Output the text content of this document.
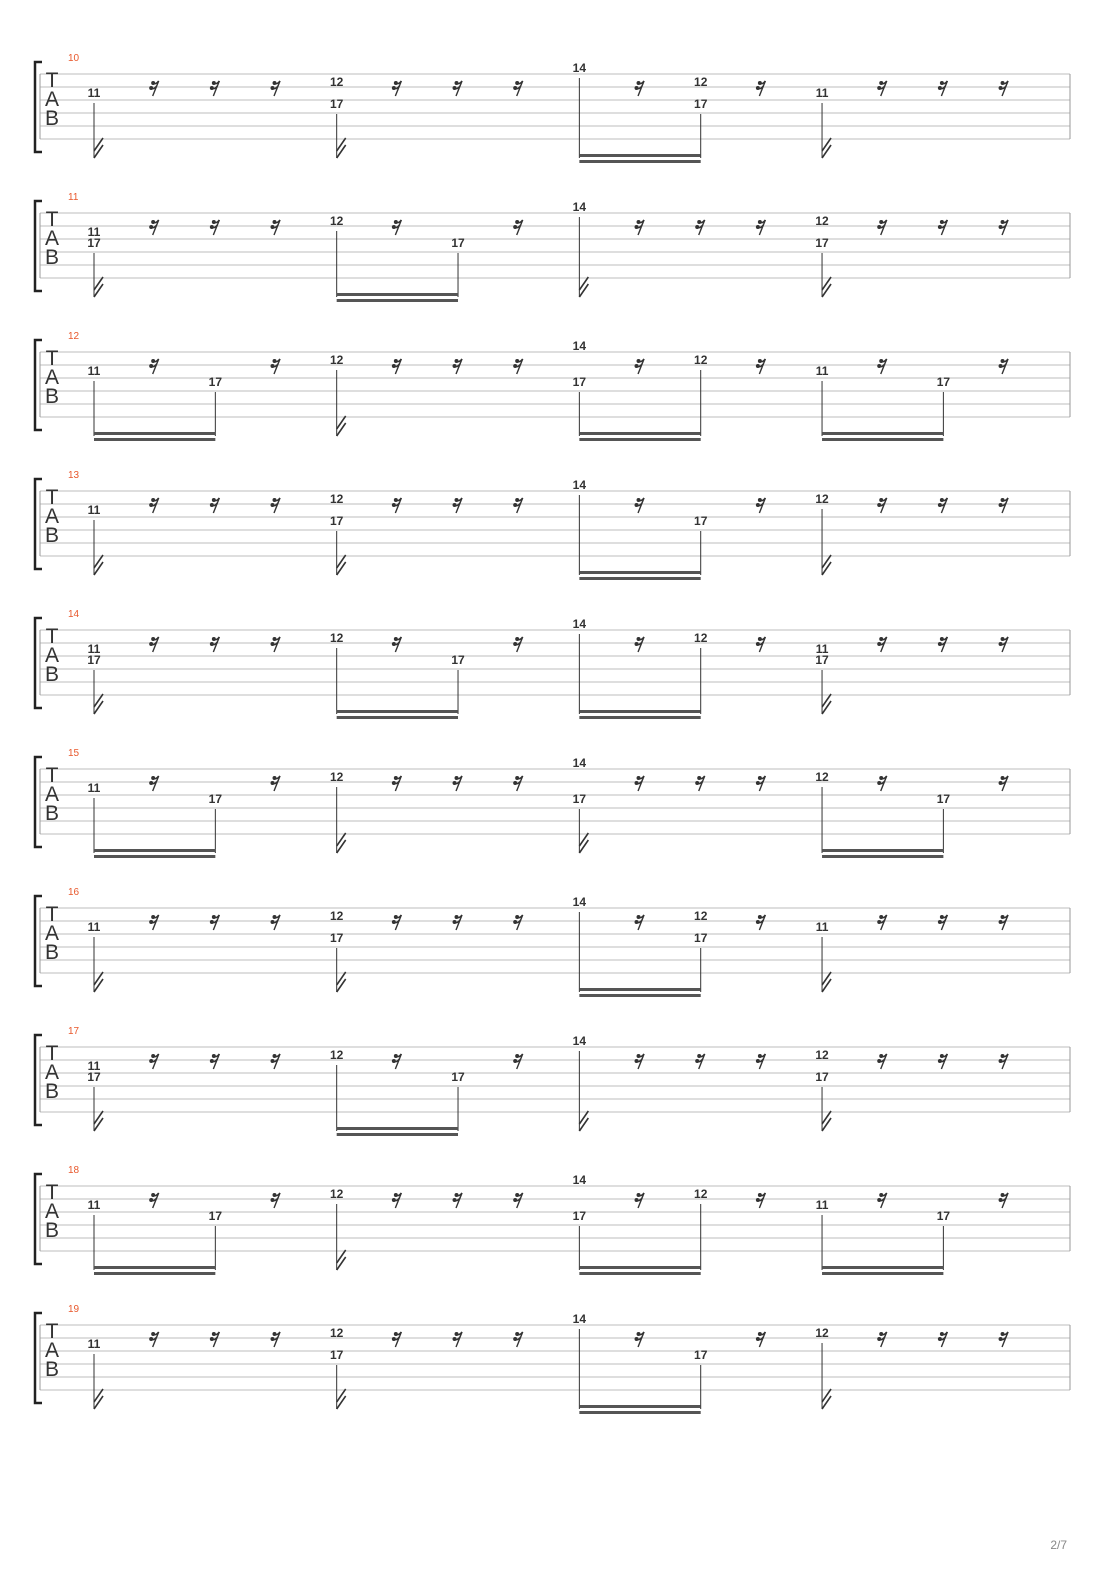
10
T
A
B
11
12
17
14
12
17
11
11
T
A
B
11
17
12
17
14
12
17
12
T
A
B
11
17
12
14
17
12
11
17
13
T
A
B
11
12
17
14
17
12
14
T
A
B
11
17
12
17
14
12
11
17
15
T
A
B
11
17
12
14
17
12
17
16
T
A
B
11
12
17
14
12
17
11
17
T
A
B
11
17
12
17
14
12
17
18
T
A
B
11
17
12
14
17
12
11
17
19
T
A
B
11
12
17
14
17
12
2/7
